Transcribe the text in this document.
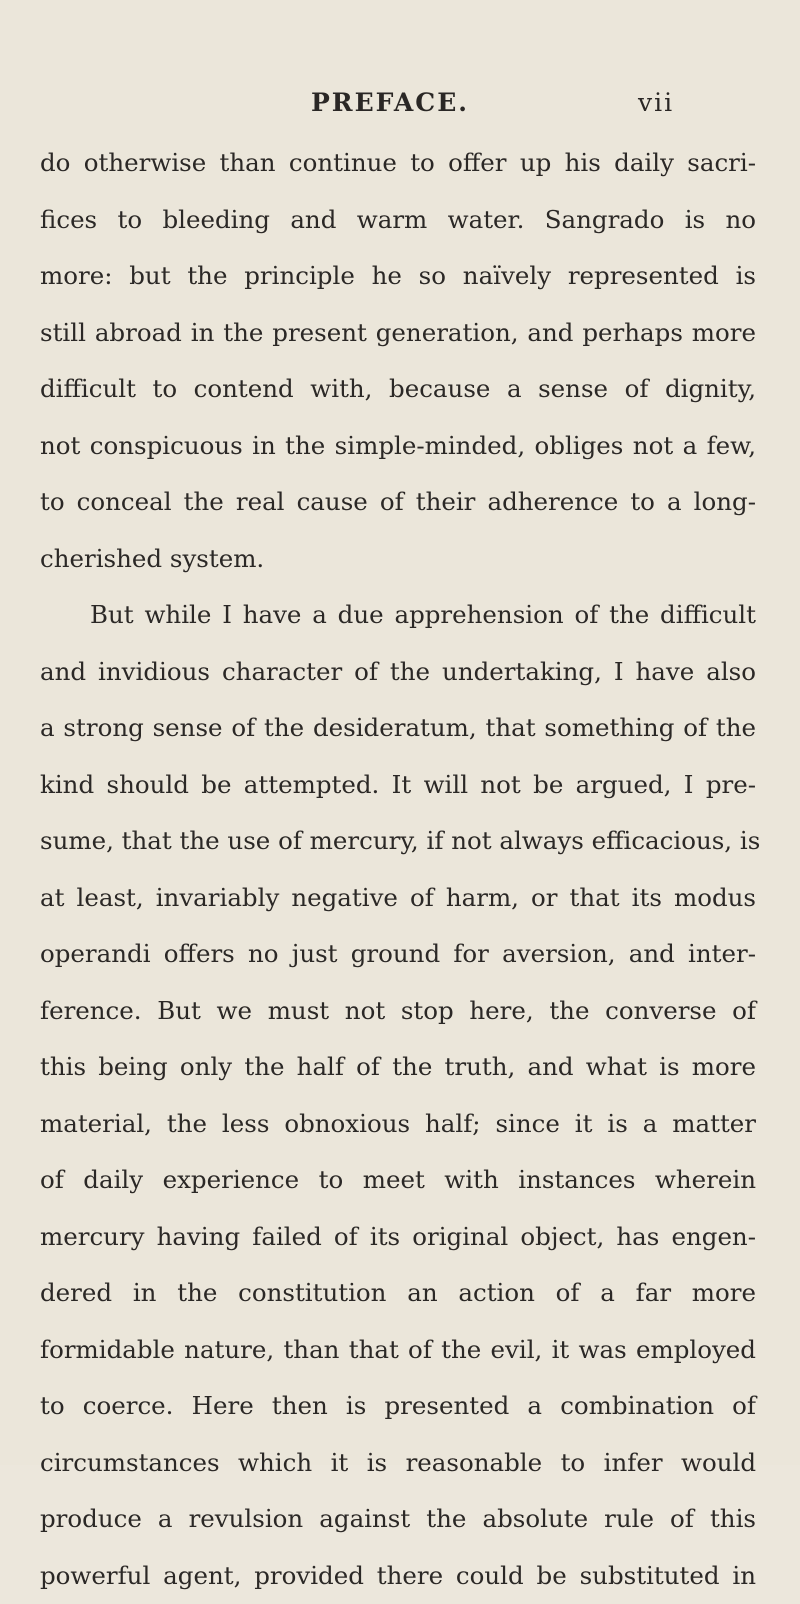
PREFACE.	vii
do otherwise than continue to offer up his daily sacri-
fices to bleeding and warm water. Sangrado is no
more: but the principle he so naïvely represented is
still abroad in the present generation, and perhaps more
difficult to contend with, because a sense of dignity,
not conspicuous in the simple-minded, obliges not a few,
to conceal the real cause of their adherence to a long-
cherished system.
But while I have a due apprehension of the difficult
and invidious character of the undertaking, I have also
a strong sense of the desideratum, that something of the
kind should be attempted. It will not be argued, I pre-
sume, that the use of mercury, if not always efficacious, is
at least, invariably negative of harm, or that its modus
operandi offers no just ground for aversion, and inter-
ference. But we must not stop here, the converse of
this being only the half of the truth, and what is more
material, the less obnoxious half; since it is a matter
of daily experience to meet with instances wherein
mercury having failed of its original object, has engen-
dered in the constitution an action of a far more
formidable nature, than that of the evil, it was employed
to coerce. Here then is presented a combination of
circumstances which it is reasonable to infer would
produce a revulsion against the absolute rule of this
powerful agent, provided there could be substituted in
